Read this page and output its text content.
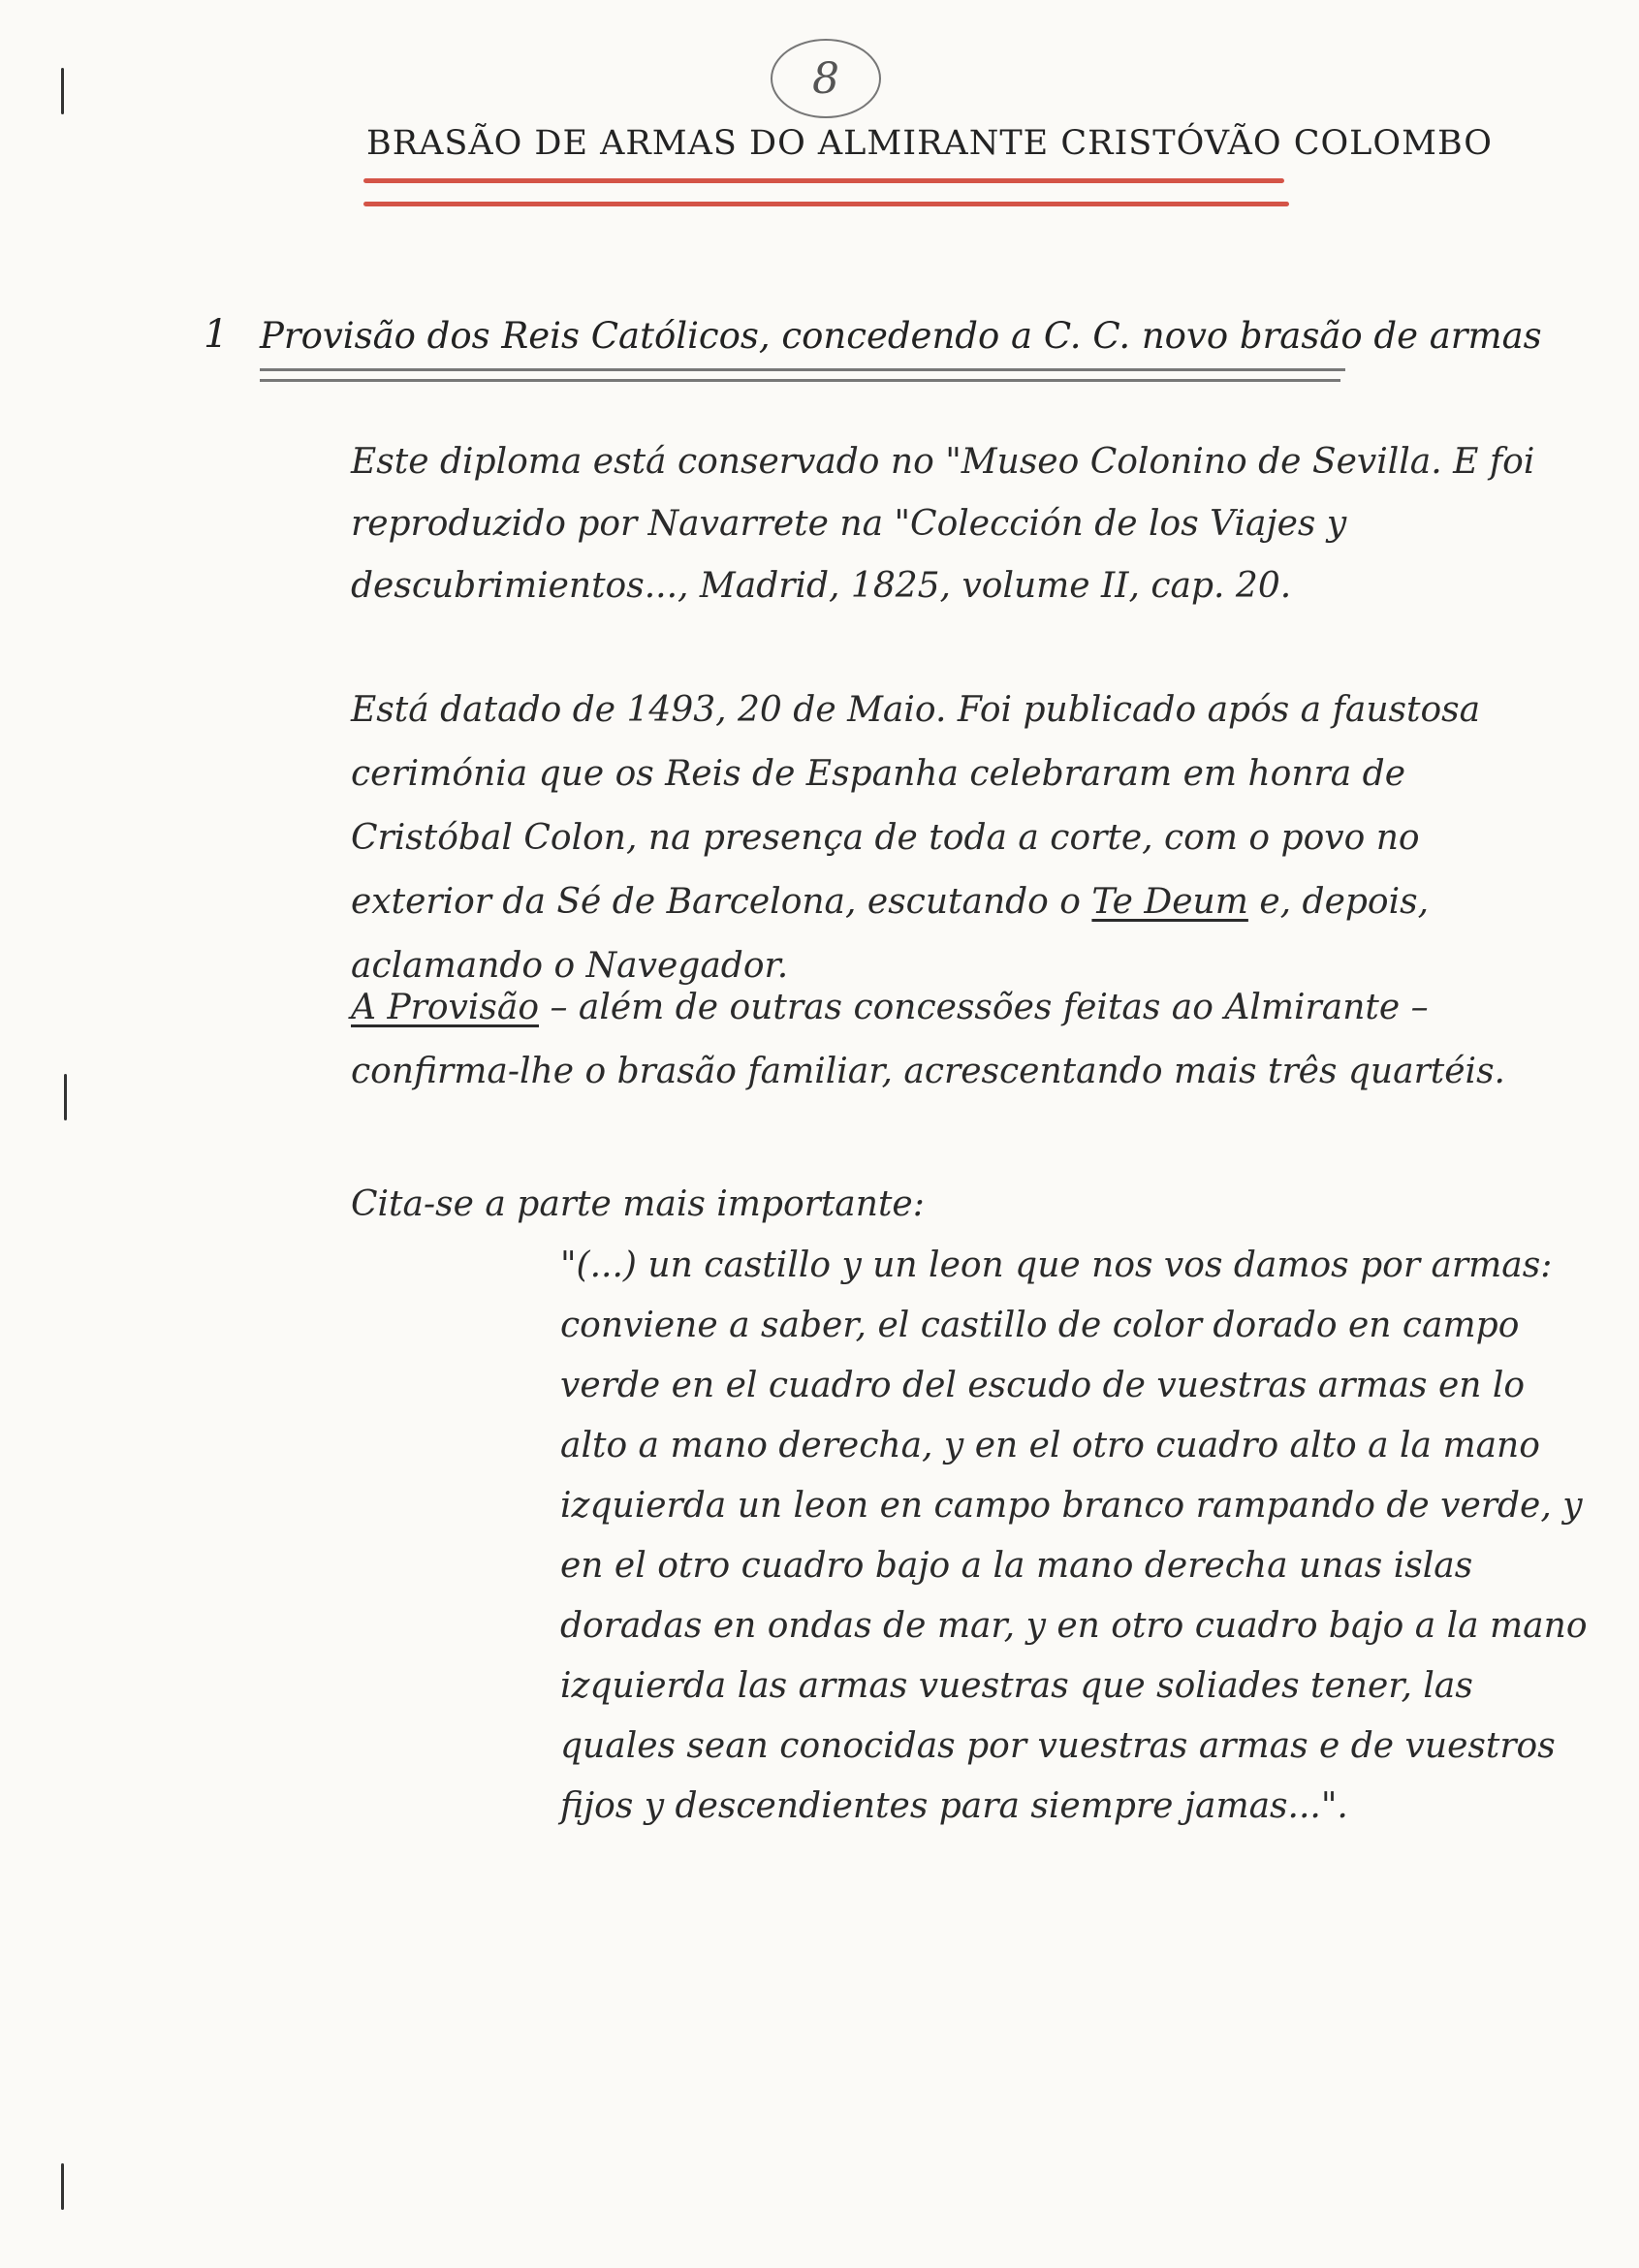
8
BRASÃO DE ARMAS DO ALMIRANTE CRISTÓVÃO COLOMBO
1 Provisão dos Reis Católicos, concedendo a C. C. novo brasão de armas

Este diploma está conservado no "Museo Colonino de Sevilla. E foi reproduzido por Navarrete na "Colección de los Viajes y descubrimientos..., Madrid, 1825, volume II, cap. 20.

Está datado de 1493, 20 de Maio. Foi publicado após a faustosa cerimónia que os Reis de Espanha celebraram em honra de Cristóbal Colon, na presença de toda a corte, com o povo no exterior da Sé de Barcelona, escutando o Te Deum e, depois, aclamando o Navegador.

A Provisão – além de outras concessões feitas ao Almirante – confirma-lhe o brasão familiar, acrescentando mais três quartéis.

Cita-se a parte mais importante:

"(...) un castillo y un leon que nos vos damos por armas: conviene a saber, el castillo de color dorado en campo verde en el cuadro del escudo de vuestras armas en lo alto a mano derecha, y en el otro cuadro alto a la mano izquierda un leon en campo branco rampando de verde, y en el otro cuadro bajo a la mano derecha unas islas doradas en ondas de mar, y en otro cuadro bajo a la mano izquierda las armas vuestras que soliades tener, las quales sean conocidas por vuestras armas e de vuestros fijos y descendientes para siempre jamas...".
